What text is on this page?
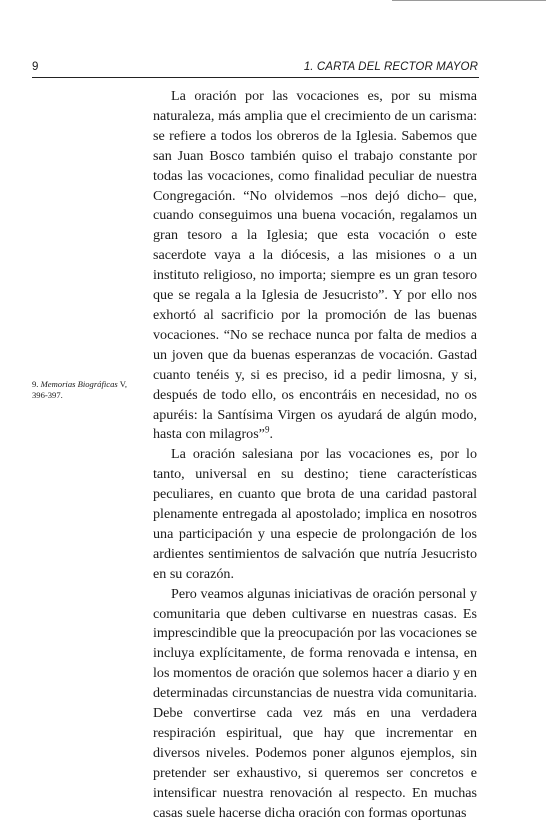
9	1. CARTA DEL RECTOR MAYOR

La oración por las vocaciones es, por su misma naturaleza, más amplia que el crecimiento de un carisma: se refiere a todos los obreros de la Iglesia. Sabemos que san Juan Bosco también quiso el trabajo constante por todas las vocaciones, como finalidad peculiar de nuestra Congregación. “No olvidemos –nos dejó dicho– que, cuando conseguimos una buena vocación, regalamos un gran tesoro a la Iglesia; que esta vocación o este sacerdote vaya a la diócesis, a las misiones o a un instituto religioso, no importa; siempre es un gran tesoro que se regala a la Iglesia de Jesucristo”. Y por ello nos exhortó al sacrificio por la promoción de las buenas vocaciones. “No se rechace nunca por falta de medios a un joven que da buenas esperanzas de vocación. Gastad cuanto tenéis y, si es preciso, id a pedir limosna, y si, después de todo ello, os encontráis en necesidad, no os apuréis: la Santísima Virgen os ayudará de algún modo, hasta con milagros”$^9$.

La oración salesiana por las vocaciones es, por lo tanto, universal en su destino; tiene características peculiares, en cuanto que brota de una caridad pastoral plenamente entregada al apostolado; implica en nosotros una participación y una especie de prolongación de los ardientes sentimientos de salvación que nutría Jesucristo en su corazón.

Pero veamos algunas iniciativas de oración personal y comunitaria que deben cultivarse en nuestras casas. Es imprescindible que la preocupación por las vocaciones se incluya explícitamente, de forma renovada e intensa, en los momentos de oración que solemos hacer a diario y en determinadas circunstancias de nuestra vida comunitaria. Debe convertirse cada vez más en una verdadera respiración espiritual, que hay que incrementar en diversos niveles. Podemos poner algunos ejemplos, sin pretender ser exhaustivo, si queremos ser concretos e intensificar nuestra renovación al respecto. En muchas casas suele hacerse dicha oración con formas oportunas

9. Memorias Biográficas V, 396-397.
